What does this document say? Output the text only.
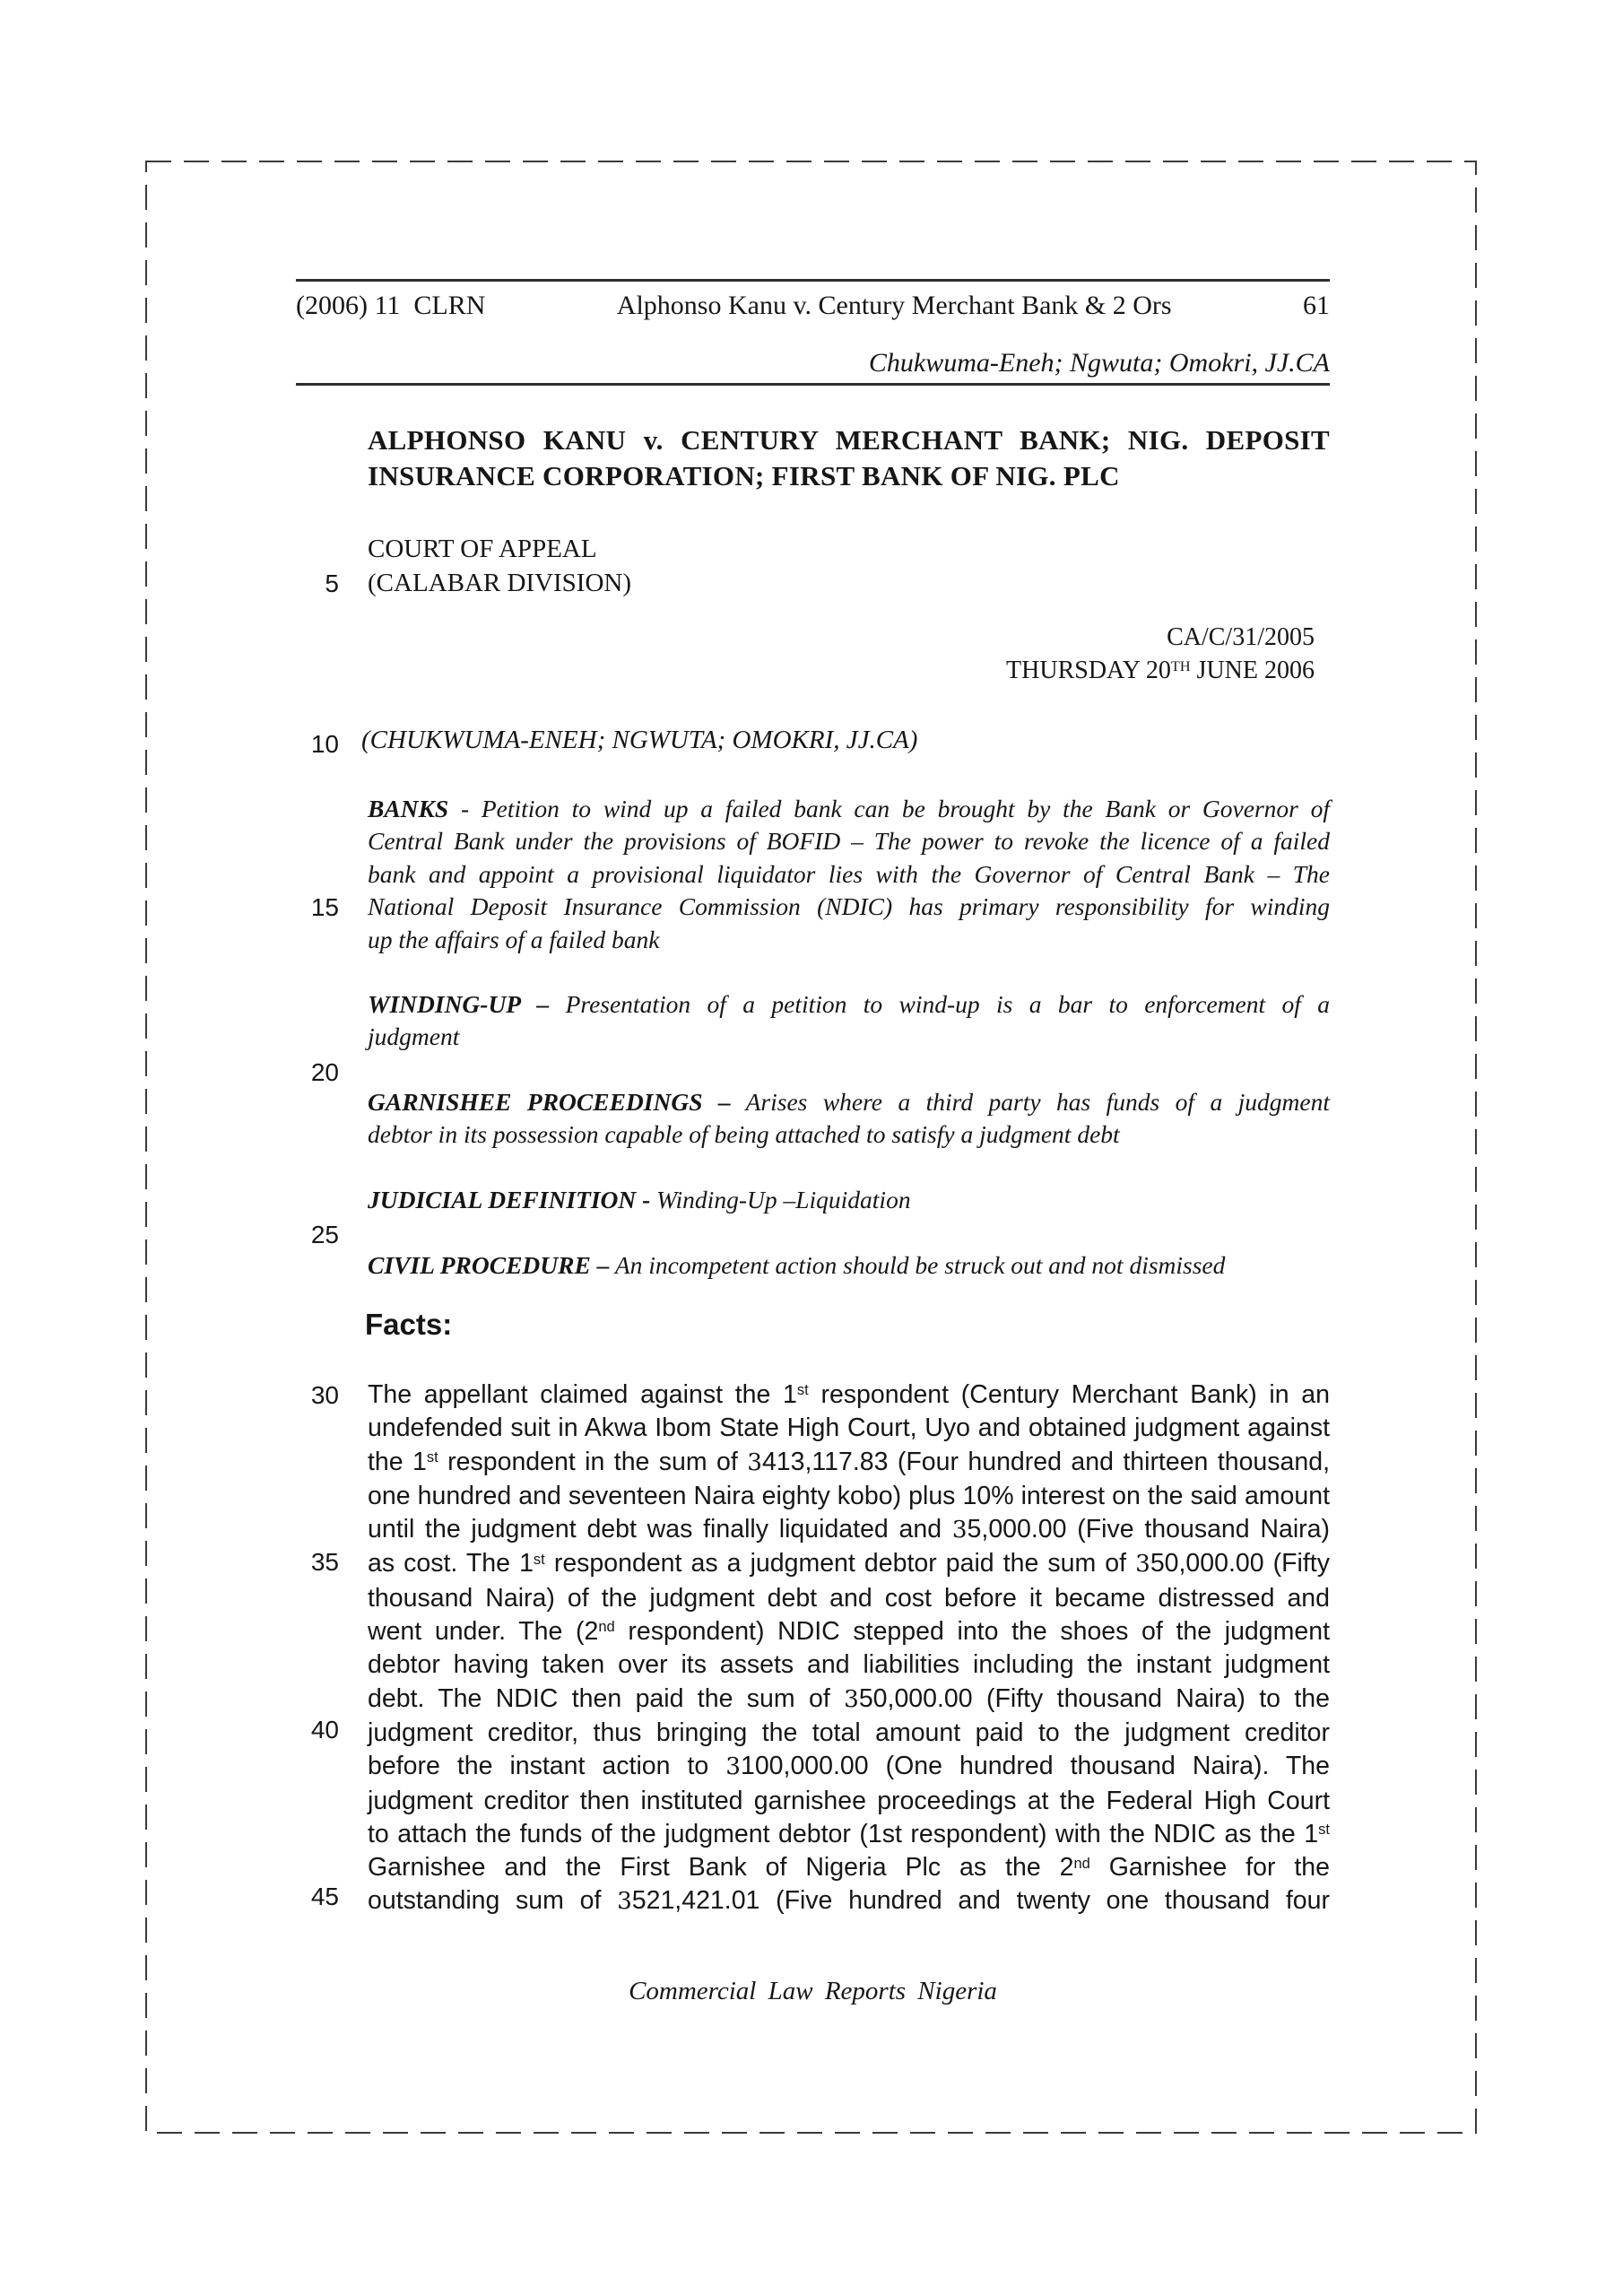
(2006) 11  CLRN	Alphonso Kanu v. Century Merchant Bank & 2 Ors	61
Chukwuma-Eneh; Ngwuta; Omokri, JJ.CA
ALPHONSO KANU v. CENTURY MERCHANT BANK; NIG. DEPOSIT
INSURANCE CORPORATION; FIRST BANK OF NIG. PLC
COURT OF APPEAL
(CALABAR DIVISION)
CA/C/31/2005
THURSDAY 20TH JUNE 2006
(CHUKWUMA-ENEH; NGWUTA; OMOKRI, JJ.CA)
BANKS - Petition to wind up a failed bank can be brought by the Bank or Governor of
Central Bank under the provisions of BOFID – The power to revoke the licence of a failed
bank and appoint a provisional liquidator lies with the Governor of Central Bank – The
National Deposit Insurance Commission (NDIC) has primary responsibility for winding
up the affairs of a failed bank
WINDING-UP – Presentation of a petition to wind-up is a bar to enforcement of a
judgment
GARNISHEE PROCEEDINGS – Arises where a third party has funds of a judgment
debtor in its possession capable of being attached to satisfy a judgment debt
JUDICIAL DEFINITION - Winding-Up –Liquidation
CIVIL PROCEDURE – An incompetent action should be struck out and not dismissed
Facts:
The appellant claimed against the 1st respondent (Century Merchant Bank) in an
undefended suit in Akwa Ibom State High Court, Uyo and obtained judgment against
the 1st respondent in the sum of 3413,117.83 (Four hundred and thirteen thousand,
one hundred and seventeen Naira eighty kobo) plus 10% interest on the said amount
until the judgment debt was finally liquidated and 35,000.00 (Five thousand Naira)
as cost. The 1st respondent as a judgment debtor paid the sum of 350,000.00 (Fifty
thousand Naira) of the judgment debt and cost before it became distressed and
went under. The (2nd respondent) NDIC stepped into the shoes of the judgment
debtor having taken over its assets and liabilities including the instant judgment
debt. The NDIC then paid the sum of 350,000.00 (Fifty thousand Naira) to the
judgment creditor, thus bringing the total amount paid to the judgment creditor
before the instant action to 3100,000.00 (One hundred thousand Naira). The
judgment creditor then instituted garnishee proceedings at the Federal High Court
to attach the funds of the judgment debtor (1st respondent) with the NDIC as the 1st
Garnishee and the First Bank of Nigeria Plc as the 2nd Garnishee for the
outstanding sum of 3521,421.01 (Five hundred and twenty one thousand four
5
10
15
20
25
30
35
40
45
Commercial Law Reports Nigeria
